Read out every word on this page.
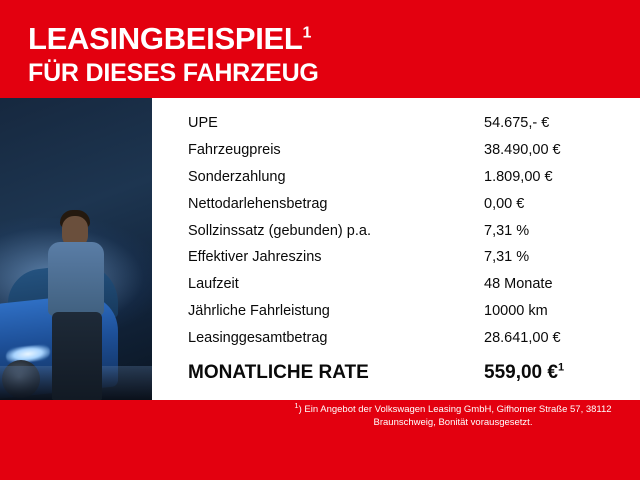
LEASINGBEISPIEL$^1$
FÜR DIESES FAHRZEUG
UPE	54.675,- €
Fahrzeugpreis	38.490,00 €
Sonderzahlung	1.809,00 €
Nettodarlehensbetrag	0,00 €
Sollzinssatz (gebunden) p.a.	7,31 %
Effektiver Jahreszins	7,31 %
Laufzeit	48 Monate
Jährliche Fahrleistung	10000 km
Leasinggesamtbetrag	28.641,00 €
MONATLICHE RATE	559,00 €$^1$
$^1$) Ein Angebot der Volkswagen Leasing GmbH, Gifhorner Straße 57, 38112 Braunschweig, Bonität vorausgesetzt.
